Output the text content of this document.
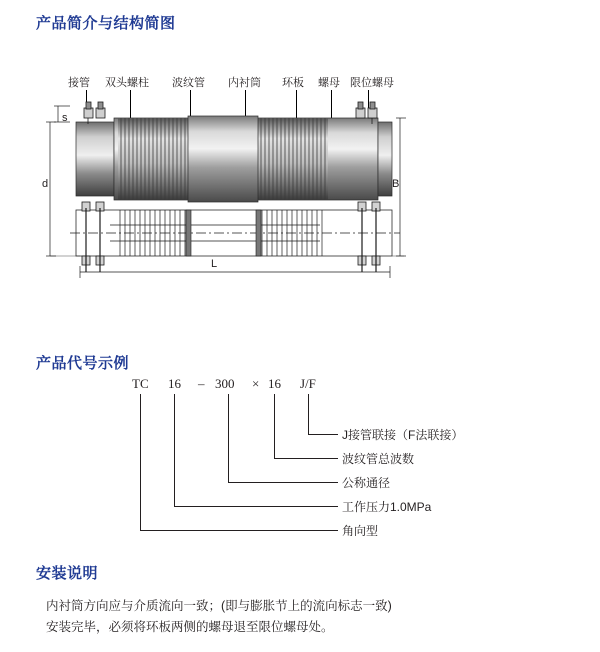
产品简介与结构简图
产品代号示例
安装说明
接管 双头螺柱 波纹管 内衬筒 环板 螺母 限位螺母
s
d	B
L
TC 16 – 300 × 16 J/F
J接管联接（F法联接）
波纹管总波数
公称通径
工作压力1.0MPa
角向型
内衬筒方向应与介质流向一致；(即与膨胀节上的流向标志一致)
安装完毕，必须将环板两侧的螺母退至限位螺母处。
